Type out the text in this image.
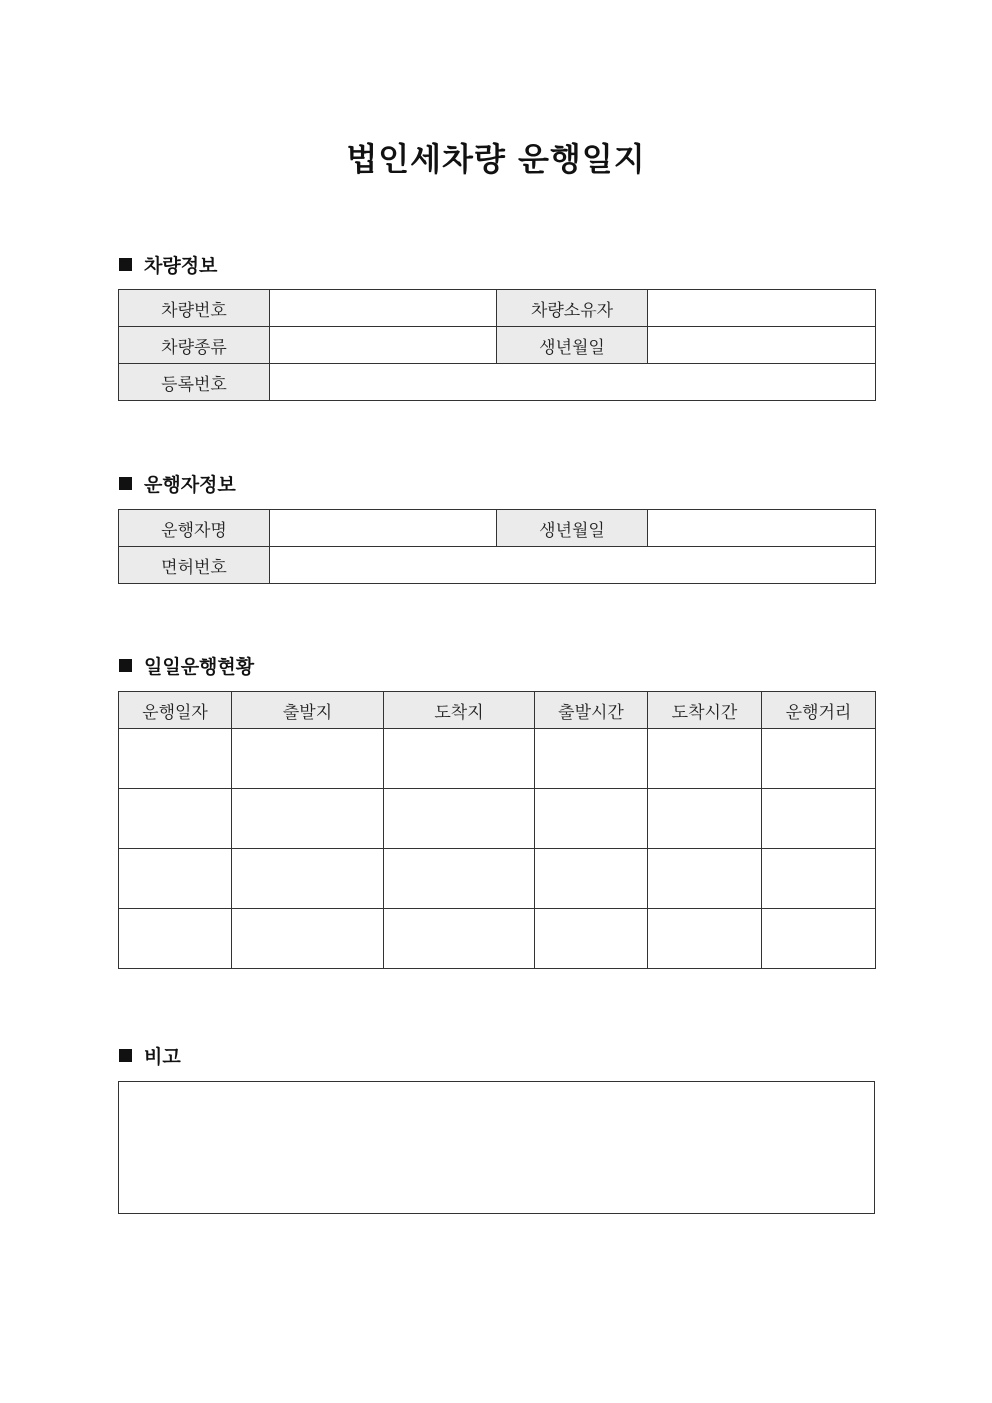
법인세차량 운행일지
차량정보
차량번호		차량소유자	
차량종류		생년월일	
등록번호			
운행자정보
운행자명		생년월일	
면허번호			
일일운행현황
운행일자	출발지	도착지	출발시간	도착시간	운행거리

비고
